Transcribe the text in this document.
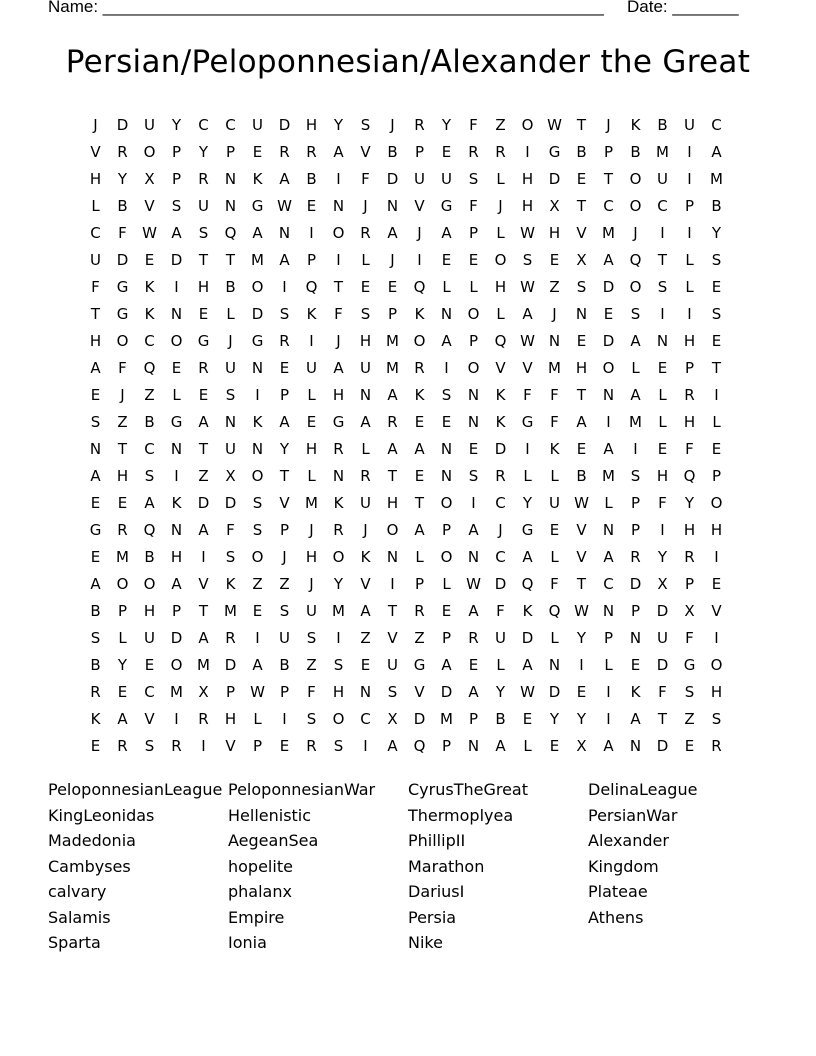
Name: _____________________________________________________ Date: _______
Persian/Peloponnesian/Alexander the Great
J	D	U	Y	C	C	U	D	H	Y	S	J	R	Y	F	Z	O W T	J	K	B	U	C
V	R	O	P	Y	P	E	R	R	A	V	B	P	E	R	R	I	G	B	P	B	M	I	A
H	Y	X	P	R	N	K	A	B	I	F	D	U	U	S	L	H	D	E	T	O	U	I	M
L	B	V	S	U	N	G W E	N	J	N	V	G	F	J	H	X	T	C	O	C	P	B
C	F	W A	S	Q	A	N	I	O	R	A	J	A	P	L	W H	V	M	J	I	I	Y
U	D	E	D	T	T	M	A	P	I	L	J	I	E	E	O	S	E	X	A	Q	T	L	S
F	G	K	I	H	B	O	I	Q	T	E	E	Q	L	L	H W Z	S	D	O	S	L	E
T	G	K	N	E	L	D	S	K	F	S	P	K	N	O	L	A	J	N	E	S	I	I	S
H	O	C	O	G	J	G	R	I	J	H M O	A	P	Q W N	E	D	A	N	H	E
A	F	Q	E	R	U	N	E	U	A	U	M	R	I	O	V	V	M H	O	L	E	P	T
E	J	Z	L	E	S	I	P	L	H	N	A	K	S	N	K	F	F	T	N	A	L	R	I
S	Z	B	G	A	N	K	A	E	G	A	R	E	E	N	K	G	F	A	I	M	L	H	L
N	T	C	N	T	U	N	Y	H	R	L	A	A	N	E	D	I	K	E	A	I	E	F	E
A	H	S	I	Z	X	O	T	L	N	R	T	E	N	S	R	L	L	B	M	S	H	Q	P
E	E	A	K	D	D	S	V	M	K	U	H	T	O	I	C	Y	U W	L	P	F	Y	O
G	R	Q	N	A	F	S	P	J	R	J	O	A	P	A	J	G	E	V	N	P	I	H	H
E	M	B	H	I	S	O	J	H	O	K	N	L	O	N	C	A	L	V	A	R	Y	R	I
A	O	O	A	V	K	Z	Z	J	Y	V	I	P	L	W D	Q	F	T	C	D	X	P	E
B	P	H	P	T	M	E	S	U	M	A	T	R	E	A	F	K	Q W N	P	D	X	V
S	L	U	D	A	R	I	U	S	I	Z	V	Z	P	R	U	D	L	Y	P	N	U	F	I
B	Y	E	O M D	A	B	Z	S	E	U	G	A	E	L	A	N	I	L	E	D	G	O
R	E	C	M	X	P	W	P	F	H	N	S	V	D	A	Y	W D	E	I	K	F	S	H
K	A	V	I	R	H	L	I	S	O	C	X	D M	P	B	E	Y	Y	I	A	T	Z	S
E	R	S	R	I	V	P	E	R	S	I	A	Q	P	N	A	L	E	X	A	N	D	E	R
PeloponnesianLeague PeloponnesianWar	CyrusTheGreat	DelinaLeague
KingLeonidas	Hellenistic	Thermoplyea	PersianWar
Madedonia	AegeanSea	PhillipII	Alexander
Cambyses	hopelite	Marathon	Kingdom
calvary	phalanx	DariusI	Plateae
Salamis	Empire	Persia	Athens
Sparta	Ionia	Nike
